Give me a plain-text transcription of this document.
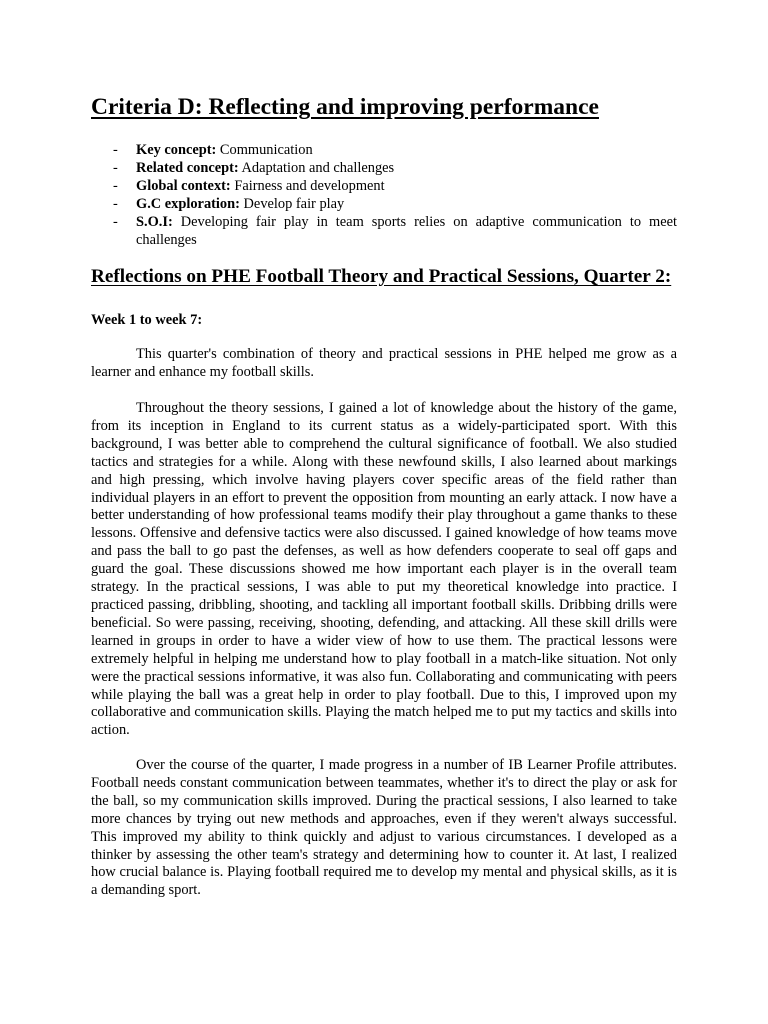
Criteria D: Reflecting and improving performance
- Key concept: Communication
- Related concept: Adaptation and challenges
- Global context: Fairness and development
- G.C exploration: Develop fair play
- S.O.I: Developing fair play in team sports relies on adaptive communication to meet challenges
Reflections on PHE Football Theory and Practical Sessions, Quarter 2:
Week 1 to week 7:

This quarter's combination of theory and practical sessions in PHE helped me grow as a learner and enhance my football skills.

Throughout the theory sessions, I gained a lot of knowledge about the history of the game, from its inception in England to its current status as a widely-participated sport. With this background, I was better able to comprehend the cultural significance of football. We also studied tactics and strategies for a while. Along with these newfound skills, I also learned about markings and high pressing, which involve having players cover specific areas of the field rather than individual players in an effort to prevent the opposition from mounting an early attack. I now have a better understanding of how professional teams modify their play throughout a game thanks to these lessons. Offensive and defensive tactics were also discussed. I gained knowledge of how teams move and pass the ball to go past the defenses, as well as how defenders cooperate to seal off gaps and guard the goal. These discussions showed me how important each player is in the overall team strategy. In the practical sessions, I was able to put my theoretical knowledge into practice. I practiced passing, dribbling, shooting, and tackling all important football skills. Dribbing drills were beneficial. So were passing, receiving, shooting, defending, and attacking. All these skill drills were learned in groups in order to have a wider view of how to use them. The practical lessons were extremely helpful in helping me understand how to play football in a match-like situation. Not only were the practical sessions informative, it was also fun. Collaborating and communicating with peers while playing the ball was a great help in order to play football. Due to this, I improved upon my collaborative and communication skills. Playing the match helped me to put my tactics and skills into action.

Over the course of the quarter, I made progress in a number of IB Learner Profile attributes. Football needs constant communication between teammates, whether it's to direct the play or ask for the ball, so my communication skills improved. During the practical sessions, I also learned to take more chances by trying out new methods and approaches, even if they weren't always successful. This improved my ability to think quickly and adjust to various circumstances. I developed as a thinker by assessing the other team's strategy and determining how to counter it. At last, I realized how crucial balance is. Playing football required me to develop my mental and physical skills, as it is a demanding sport.
